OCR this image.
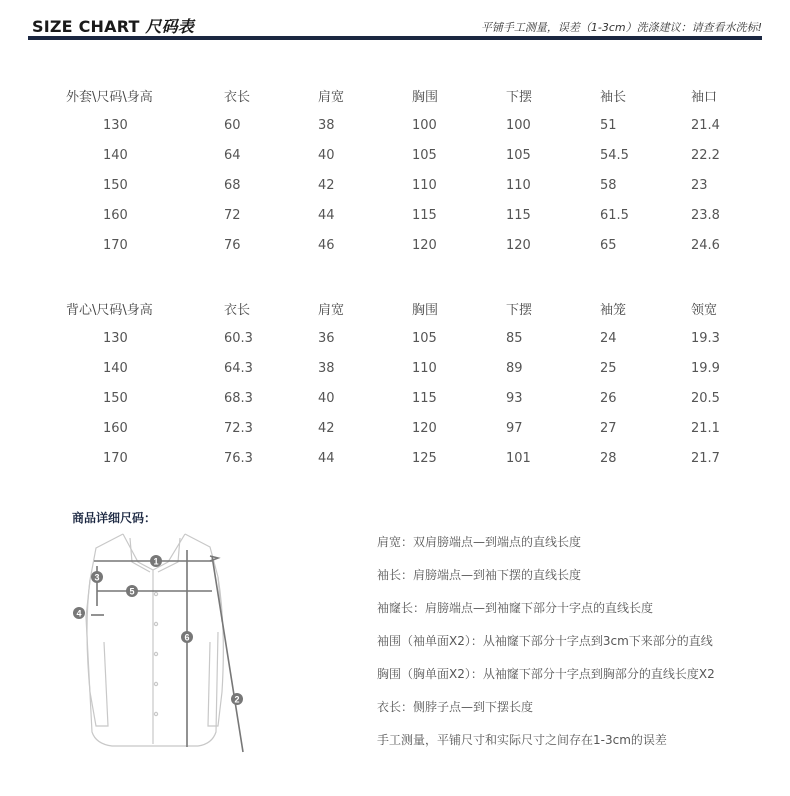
SIZE CHART 尺码表	平铺手工测量，误差（1-3cm）洗涤建议：请查看水洗标!
外套\尺码\身高	衣长	肩宽	胸围	下摆	袖长	袖口
130	60	38	100	100	51	21.4
140	64	40	105	105	54.5	22.2
150	68	42	110	110	58	23
160	72	44	115	115	61.5	23.8
170	76	46	120	120	65	24.6
背心\尺码\身高	衣长	肩宽	胸围	下摆	袖笼	领宽
130	60.3	36	105	85	24	19.3
140	64.3	38	110	89	25	19.9
150	68.3	40	115	93	26	20.5
160	72.3	42	120	97	27	21.1
170	76.3	44	125	101	28	21.7
商品详细尺码：
1
2
3
4
5
6
肩宽：双肩膀端点—到端点的直线长度
袖长：肩膀端点—到袖下摆的直线长度
袖窿长：肩膀端点—到袖窿下部分十字点的直线长度
袖围（袖单面X2）：从袖窿下部分十字点到3cm下来部分的直线
胸围（胸单面X2）：从袖窿下部分十字点到胸部分的直线长度X2
衣长：侧脖子点—到下摆长度
手工测量，平铺尺寸和实际尺寸之间存在1-3cm的误差
